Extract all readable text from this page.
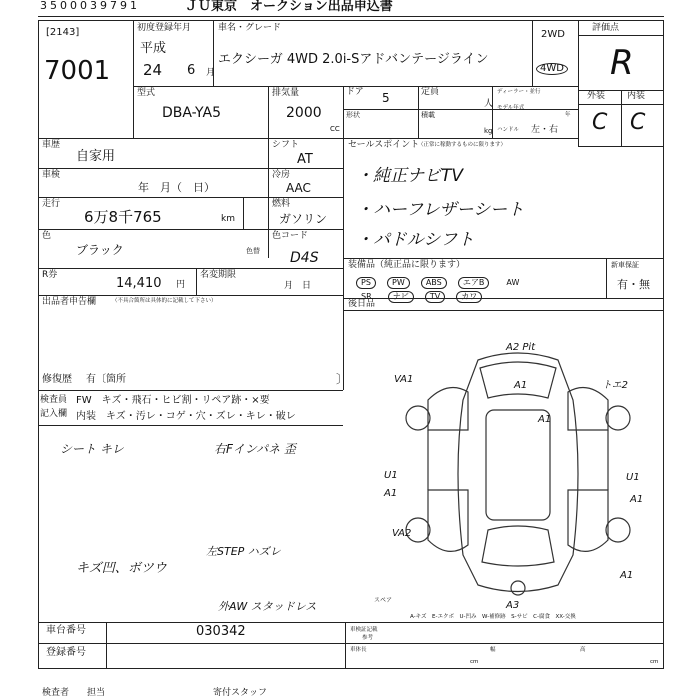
3500039791	ＪＵ東京　オークション出品申込書
[2143]
7001
初度登録年月
平成
24 6 月
車名・グレード
エクシーガ 4WD 2.0i-Sアドバンテージライン
2WD
4WD
評価点
R
外装 内装
C C
型式
DBA-YA5
排気量
2000
CC
ドア 5
形状
定員
人
積載
kg
ディーラー・並行
モデル年式
年
ハンドル 左・右
車歴
自家用
シフト
AT
車検
年　月（　日）
冷房
AAC
走行
6万8千765	km
燃料
ガソリン
色
ブラック	色替
色コード
D4S
R券
14,410 円
名変期限
月　日
出品者申告欄	（不具合箇所は具体的に記載して下さい）
修復歴 有〔箇所	〕
セールスポイント
（正常に稼動するものに限ります）
・純正ナビTV
・ハーフレザーシート
・パドルシフト
装備品（純正品に限ります）	新車保証
PS	PW	ABS	エアB	AW
SR	ナビ	TV	カワ
有・無
後日品
検査員
記入欄
FW　キズ・飛石・ヒビ割・リペア跡・×要
内装　キズ・汚レ・コゲ・穴・ズレ・キレ・破レ
シート キレ	右Fインパネ 歪
キズ凹、ボツウ
左STEP ハズレ
外AW スタッドレス
A2 Pit
A1
A1
VA1
トエ2
U1
A1
U1
A1
VA2
A1
A3
スペア
A-キズ　E-エクボ　U-凹み　W-補修跡　S-サビ　C-腐食　XX-交換
車台番号	030342
登録番号
車検証記載
参考
車体長
cm
幅	高
cm
検査者　　担当　　　　　　　　　　　　寄付スタッフ
